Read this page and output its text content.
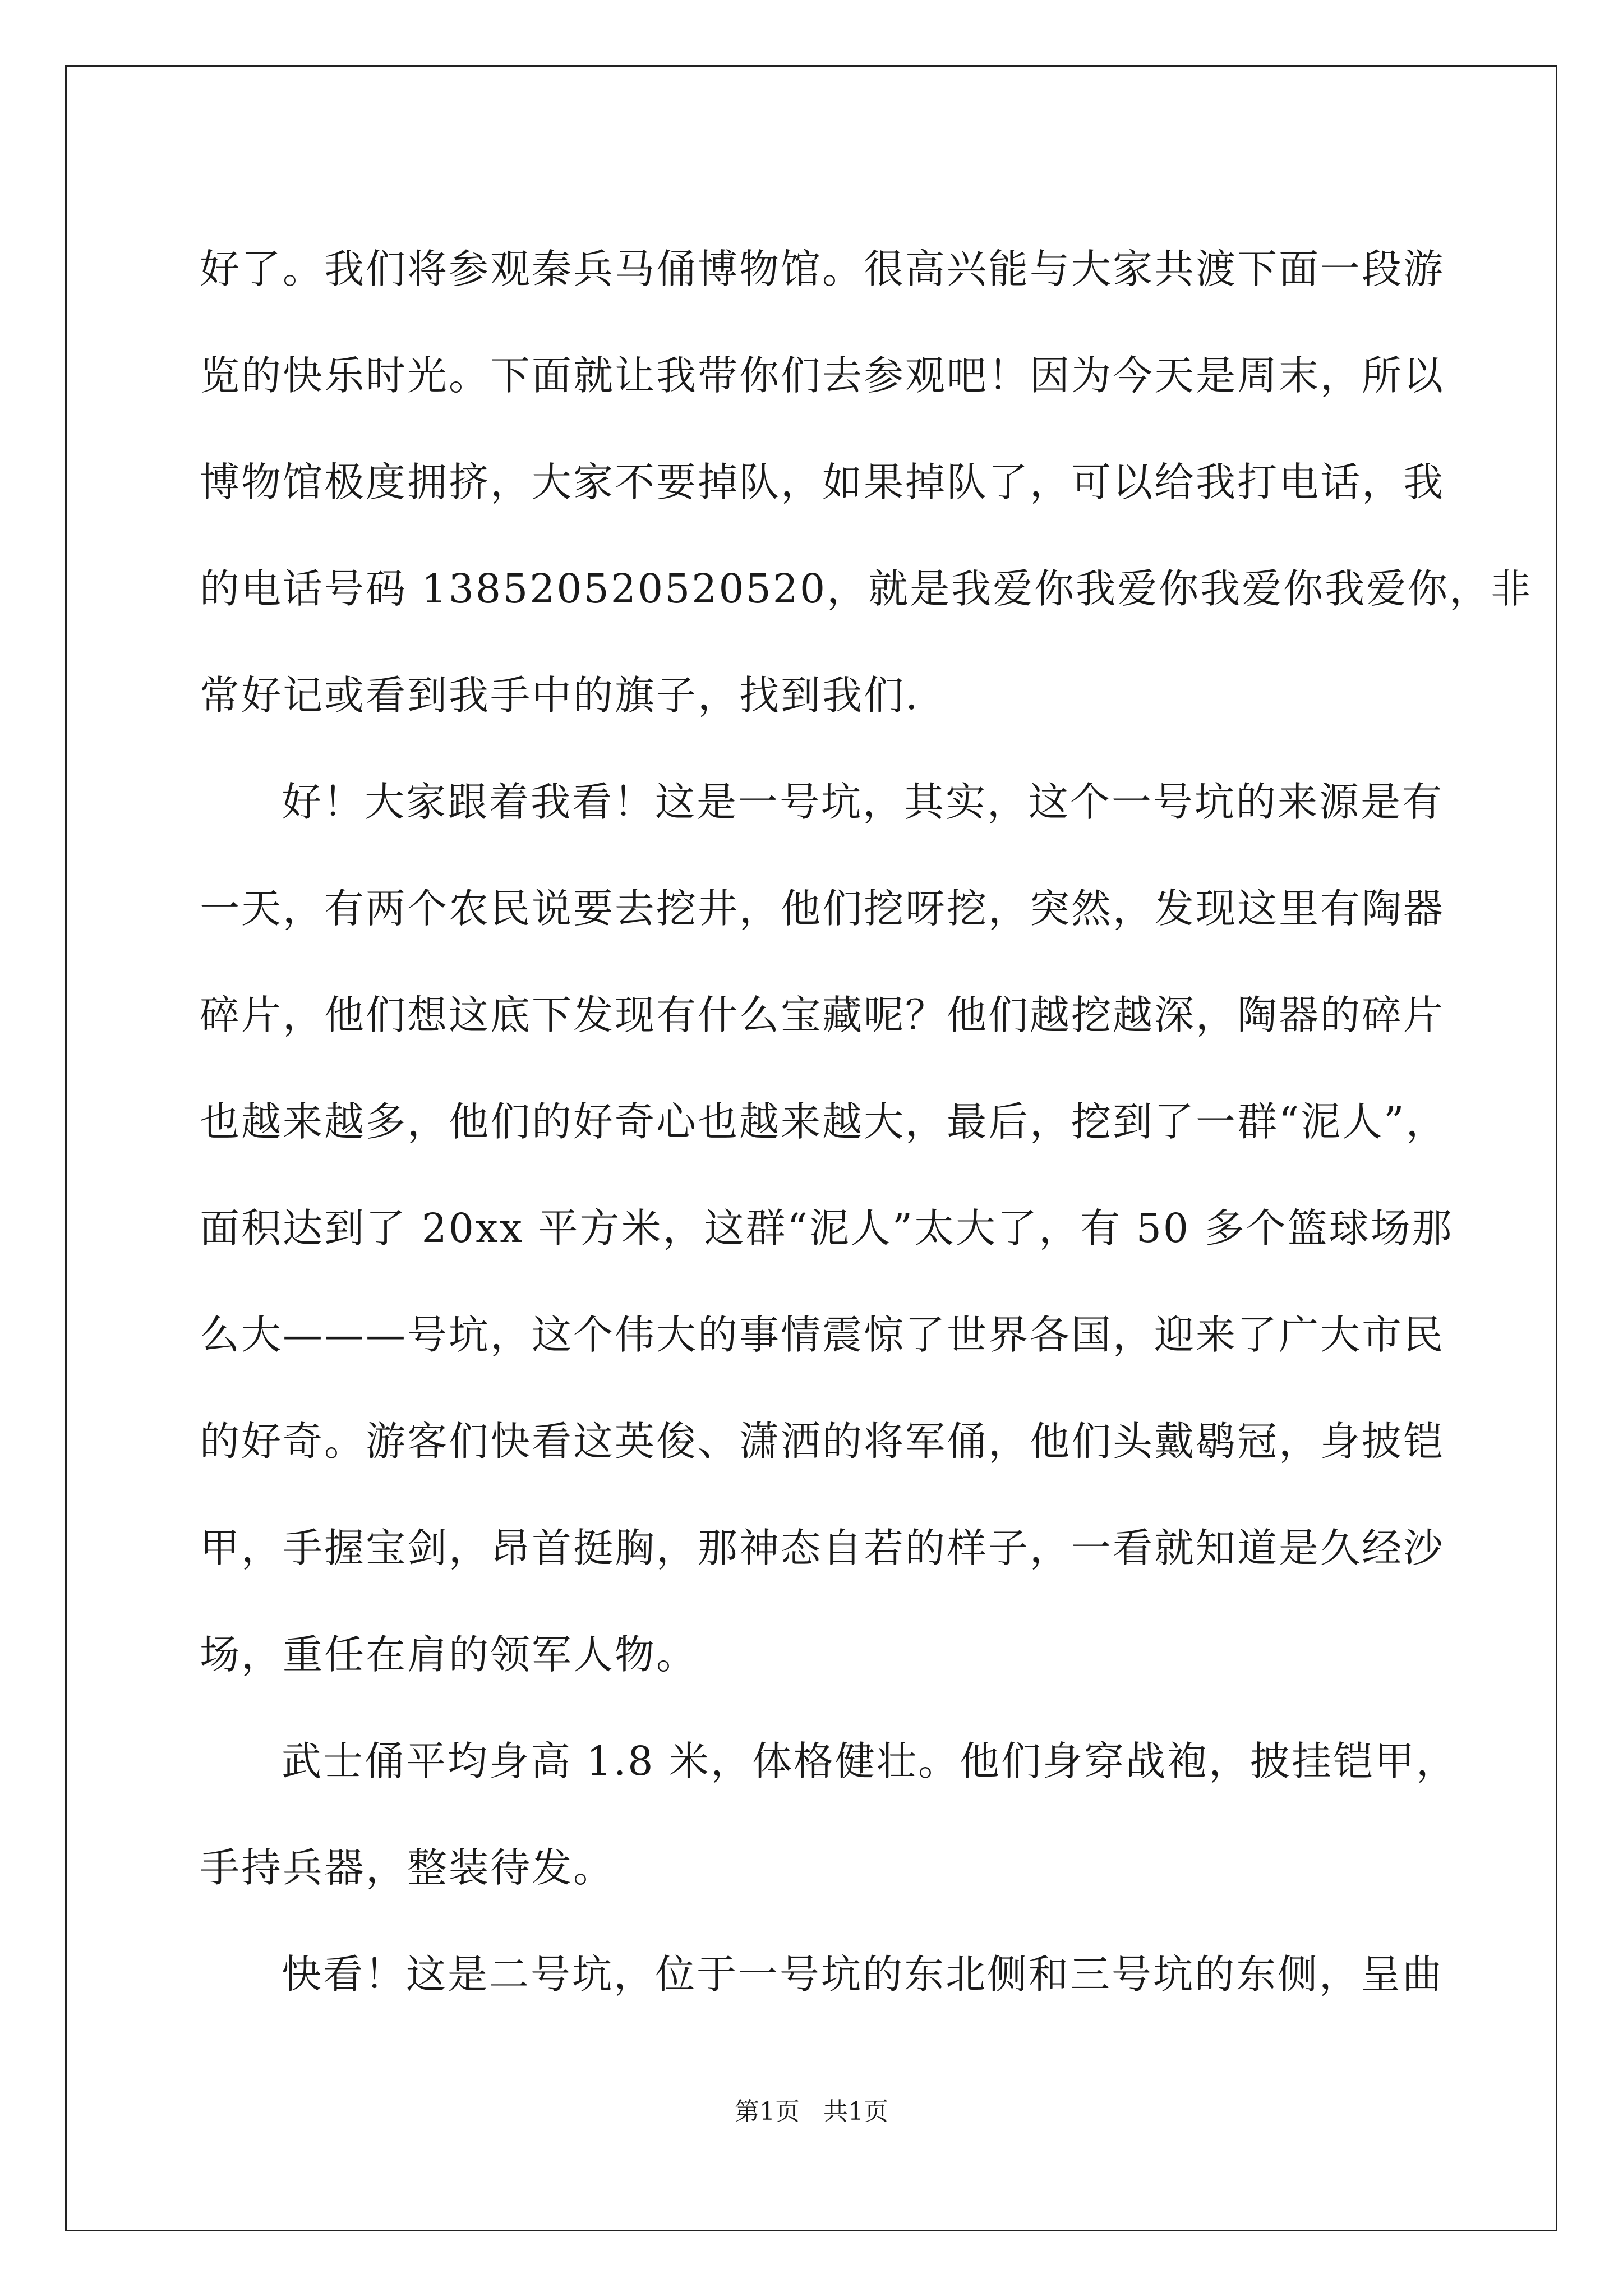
好了。我们将参观秦兵马俑博物馆。很高兴能与大家共渡下面一段游
览的快乐时光。下面就让我带你们去参观吧！因为今天是周末，所以
博物馆极度拥挤，大家不要掉队，如果掉队了，可以给我打电话，我
的电话号码 138520520520520，就是我爱你我爱你我爱你我爱你，非
常好记或看到我手中的旗子，找到我们.
好！大家跟着我看！这是一号坑，其实，这个一号坑的来源是有
一天，有两个农民说要去挖井，他们挖呀挖，突然，发现这里有陶器
碎片，他们想这底下发现有什么宝藏呢？他们越挖越深，陶器的碎片
也越来越多，他们的好奇心也越来越大，最后，挖到了一群“泥人”，
面积达到了 20xx 平方米，这群“泥人”太大了，有 50 多个篮球场那
么大———号坑，这个伟大的事情震惊了世界各国，迎来了广大市民
的好奇。游客们快看这英俊、潇洒的将军俑，他们头戴鹖冠，身披铠
甲，手握宝剑，昂首挺胸，那神态自若的样子，一看就知道是久经沙
场，重任在肩的领军人物。
武士俑平均身高 1.8 米，体格健壮。他们身穿战袍，披挂铠甲，
手持兵器，整装待发。
快看！这是二号坑，位于一号坑的东北侧和三号坑的东侧，呈曲
第1页   共1页
